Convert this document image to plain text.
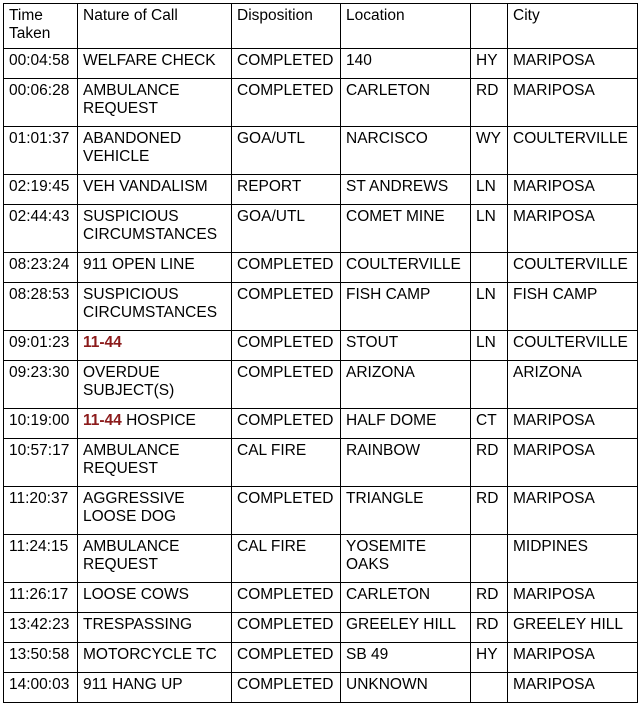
Time
Taken	Nature of Call	Disposition	Location		City
00:04:58	WELFARE CHECK	COMPLETED	140	HY	MARIPOSA
00:06:28	AMBULANCE
REQUEST	COMPLETED	CARLETON	RD	MARIPOSA
01:01:37	ABANDONED
VEHICLE	GOA/UTL	NARCISCO	WY	COULTERVILLE
02:19:45	VEH VANDALISM	REPORT	ST ANDREWS	LN	MARIPOSA
02:44:43	SUSPICIOUS
CIRCUMSTANCES	GOA/UTL	COMET MINE	LN	MARIPOSA
08:23:24	911 OPEN LINE	COMPLETED	COULTERVILLE		COULTERVILLE
08:28:53	SUSPICIOUS
CIRCUMSTANCES	COMPLETED	FISH CAMP	LN	FISH CAMP
09:01:23	11-44	COMPLETED	STOUT	LN	COULTERVILLE
09:23:30	OVERDUE
SUBJECT(S)	COMPLETED	ARIZONA		ARIZONA
10:19:00	11-44 HOSPICE	COMPLETED	HALF DOME	CT	MARIPOSA
10:57:17	AMBULANCE
REQUEST	CAL FIRE	RAINBOW	RD	MARIPOSA
11:20:37	AGGRESSIVE
LOOSE DOG	COMPLETED	TRIANGLE	RD	MARIPOSA
11:24:15	AMBULANCE
REQUEST	CAL FIRE	YOSEMITE
OAKS		MIDPINES
11:26:17	LOOSE COWS	COMPLETED	CARLETON	RD	MARIPOSA
13:42:23	TRESPASSING	COMPLETED	GREELEY HILL	RD	GREELEY HILL
13:50:58	MOTORCYCLE TC	COMPLETED	SB 49	HY	MARIPOSA
14:00:03	911 HANG UP	COMPLETED	UNKNOWN		MARIPOSA
